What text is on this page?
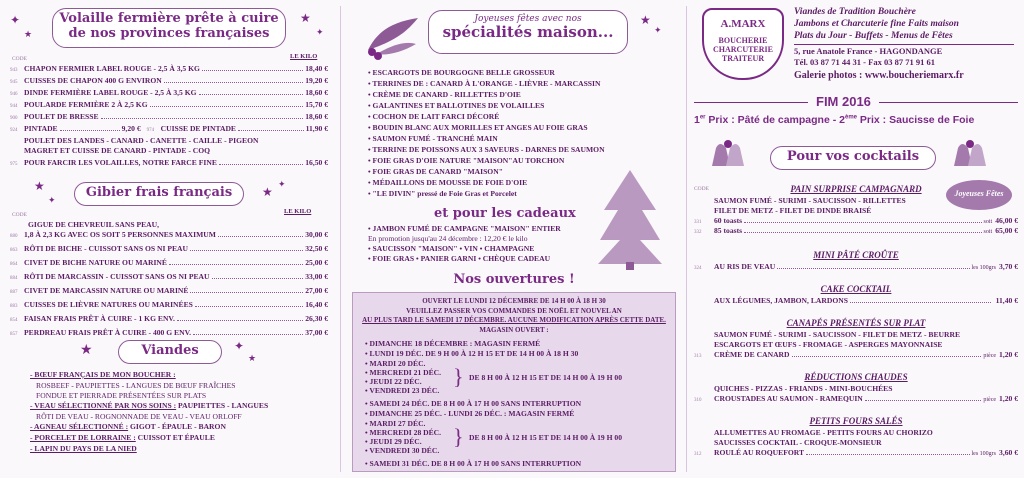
✦
★
★
✦
Volaille fermière prête à cuire
de nos provinces françaises
CODE	LE KILO
943 CHAPON FERMIER LABEL ROUGE - 2,5 À 3,5 KG	18,40 €
945 CUISSES DE CHAPON 400 G ENVIRON	19,20 €
946 DINDE FERMIÈRE LABEL ROUGE - 2,5 À 3,5 KG	18,60 €
944 POULARDE FERMIÈRE 2 À 2,5 KG	15,70 €
900 POULET DE BRESSE	18,60 €
924 PINTADE	9,20 € 974 CUISSE DE PINTADE	11,90 €
POULET DES LANDES - CANARD - CANETTE - CAILLE - PIGEON
MAGRET ET CUISSE DE CANARD - PINTADE - COQ
975 POUR FARCIR LES VOLAILLES, NOTRE FARCE FINE	16,50 €
★
✦
★
✦
Gibier frais français
CODE	LE KILO
GIGUE DE CHEVREUIL SANS PEAU,
880 1,8 À 2,3 KG AVEC OS SOIT 5 PERSONNES MAXIMUM	30,00 €
863 RÔTI DE BICHE - CUISSOT SANS OS NI PEAU	32,50 €
864 CIVET DE BICHE NATURE OU MARINÉ	25,00 €
884 RÔTI DE MARCASSIN - CUISSOT SANS OS NI PEAU	33,00 €
887 CIVET DE MARCASSIN NATURE OU MARINÉ	27,00 €
883 CUISSES DE LIÈVRE NATURES OU MARINÉES	16,40 €
854 FAISAN FRAIS PRÊT À CUIRE - 1 KG ENV.	26,30 €
857 PERDREAU FRAIS PRÊT À CUIRE - 400 G ENV.	37,00 €
★	✦
★
Viandes
- BŒUF FRANÇAIS DE MON BOUCHER :
ROSBEEF - PAUPIETTES - LANGUES DE BŒUF FRAÎCHES
FONDUE ET PIERRADE PRÉSENTÉES SUR PLATS
- VEAU SÉLECTIONNÉ PAR NOS SOINS : PAUPIETTES - LANGUES
RÔTI DE VEAU - ROGNONNADE DE VEAU - VEAU ORLOFF
- AGNEAU SÉLECTIONNÉ : GIGOT - ÉPAULE - BARON
- PORCELET DE LORRAINE : CUISSOT ET ÉPAULE
- LAPIN DU PAYS DE LA NIED
★
✦
Joyeuses fêtes avec nos
spécialités maison...
• ESCARGOTS DE BOURGOGNE BELLE GROSSEUR
• TERRINES DE : CANARD À L'ORANGE - LIÈVRE - MARCASSIN
• CRÈME DE CANARD - RILLETTES D'OIE
• GALANTINES ET BALLOTINES DE VOLAILLES
• COCHON DE LAIT FARCI DÉCORÉ
• BOUDIN BLANC AUX MORILLES ET ANGES AU FOIE GRAS
• SAUMON FUMÉ - TRANCHÉ MAIN
• TERRINE DE POISSONS AUX 3 SAVEURS - DARNES DE SAUMON
• FOIE GRAS D'OIE NATURE "MAISON"AU TORCHON
• FOIE GRAS DE CANARD "MAISON"
• MÉDAILLONS DE MOUSSE DE FOIE D'OIE
• "LE DIVIN" pressé de Foie Gras et Porcelet
et pour les cadeaux
• JAMBON FUMÉ DE CAMPAGNE "MAISON" ENTIER
En promotion jusqu'au 24 décembre : 12,20 € le kilo
• SAUCISSON "MAISON" • VIN • CHAMPAGNE
• FOIE GRAS • PANIER GARNI • CHÈQUE CADEAU
Nos ouvertures !
OUVERT LE LUNDI 12 DÉCEMBRE DE 14 H 00 À 18 H 30
VEUILLEZ PASSER VOS COMMANDES DE NOËL ET NOUVEL AN
AU PLUS TARD LE SAMEDI 17 DÉCEMBRE. AUCUNE MODIFICATION APRÈS CETTE DATE.
MAGASIN OUVERT :
• DIMANCHE 18 DÉCEMBRE : MAGASIN FERMÉ
• LUNDI 19 DÉC. DE 9 H 00 À 12 H 15 ET DE 14 H 00 À 18 H 30
• MARDI 20 DÉC.
• MERCREDI 21 DÉC.
• JEUDI 22 DÉC.
• VENDREDI 23 DÉC.
} DE 8 H 00 À 12 H 15 ET DE 14 H 00 À 19 H 00
• SAMEDI 24 DÉC. DE 8 H 00 À 17 H 00 SANS INTERRUPTION
• DIMANCHE 25 DÉC. - LUNDI 26 DÉC. : MAGASIN FERMÉ
• MARDI 27 DÉC.
• MERCREDI 28 DÉC.
• JEUDI 29 DÉC.
• VENDREDI 30 DÉC.
} DE 8 H 00 À 12 H 15 ET DE 14 H 00 À 19 H 00
• SAMEDI 31 DÉC. DE 8 H 00 À 17 H 00 SANS INTERRUPTION
A.MARX
BOUCHERIE
CHARCUTERIE
TRAITEUR
Viandes de Tradition Bouchère
Jambons et Charcuterie fine Faits maison
Plats du Jour - Buffets - Menus de Fêtes
5, rue Anatole France - HAGONDANGE
Tél. 03 87 71 44 31 - Fax 03 87 71 91 61
Galerie photos : www.boucheriemarx.fr
FIM 2016
1er Prix : Pâté de campagne - 2ème Prix : Saucisse de Foie
Pour vos cocktails
Joyeuses Fêtes
CODE	PAIN SURPRISE CAMPAGNARD
SAUMON FUMÉ - SURIMI - SAUCISSON - RILLETTES
FILET DE METZ - FILET DE DINDE BRAISÉ
331	60 toasts	soit 46,00 €
332	85 toasts	soit 65,00 €
MINI PÂTÉ CROÛTE
324	AU RIS DE VEAU	les 100grs 3,70 €
CAKE COCKTAIL
AUX LÉGUMES, JAMBON, LARDONS	11,40 €
CANAPÉS PRÉSENTÉS SUR PLAT
SAUMON FUMÉ - SURIMI - SAUCISSON - FILET DE METZ - BEURRE
ESCARGOTS ET ŒUFS - FROMAGE - ASPERGES MAYONNAISE
313	CRÈME DE CANARD	pièce 1,20 €
RÉDUCTIONS CHAUDES
QUICHES - PIZZAS - FRIANDS - MINI-BOUCHÉES
310	CROUSTADES AU SAUMON - RAMEQUIN	pièce 1,20 €
PETITS FOURS SALÉS
ALLUMETTES AU FROMAGE - PETITS FOURS AU CHORIZO
SAUCISSES COCKTAIL - CROQUE-MONSIEUR
312	ROULÉ AU ROQUEFORT	les 100grs 3,60 €
